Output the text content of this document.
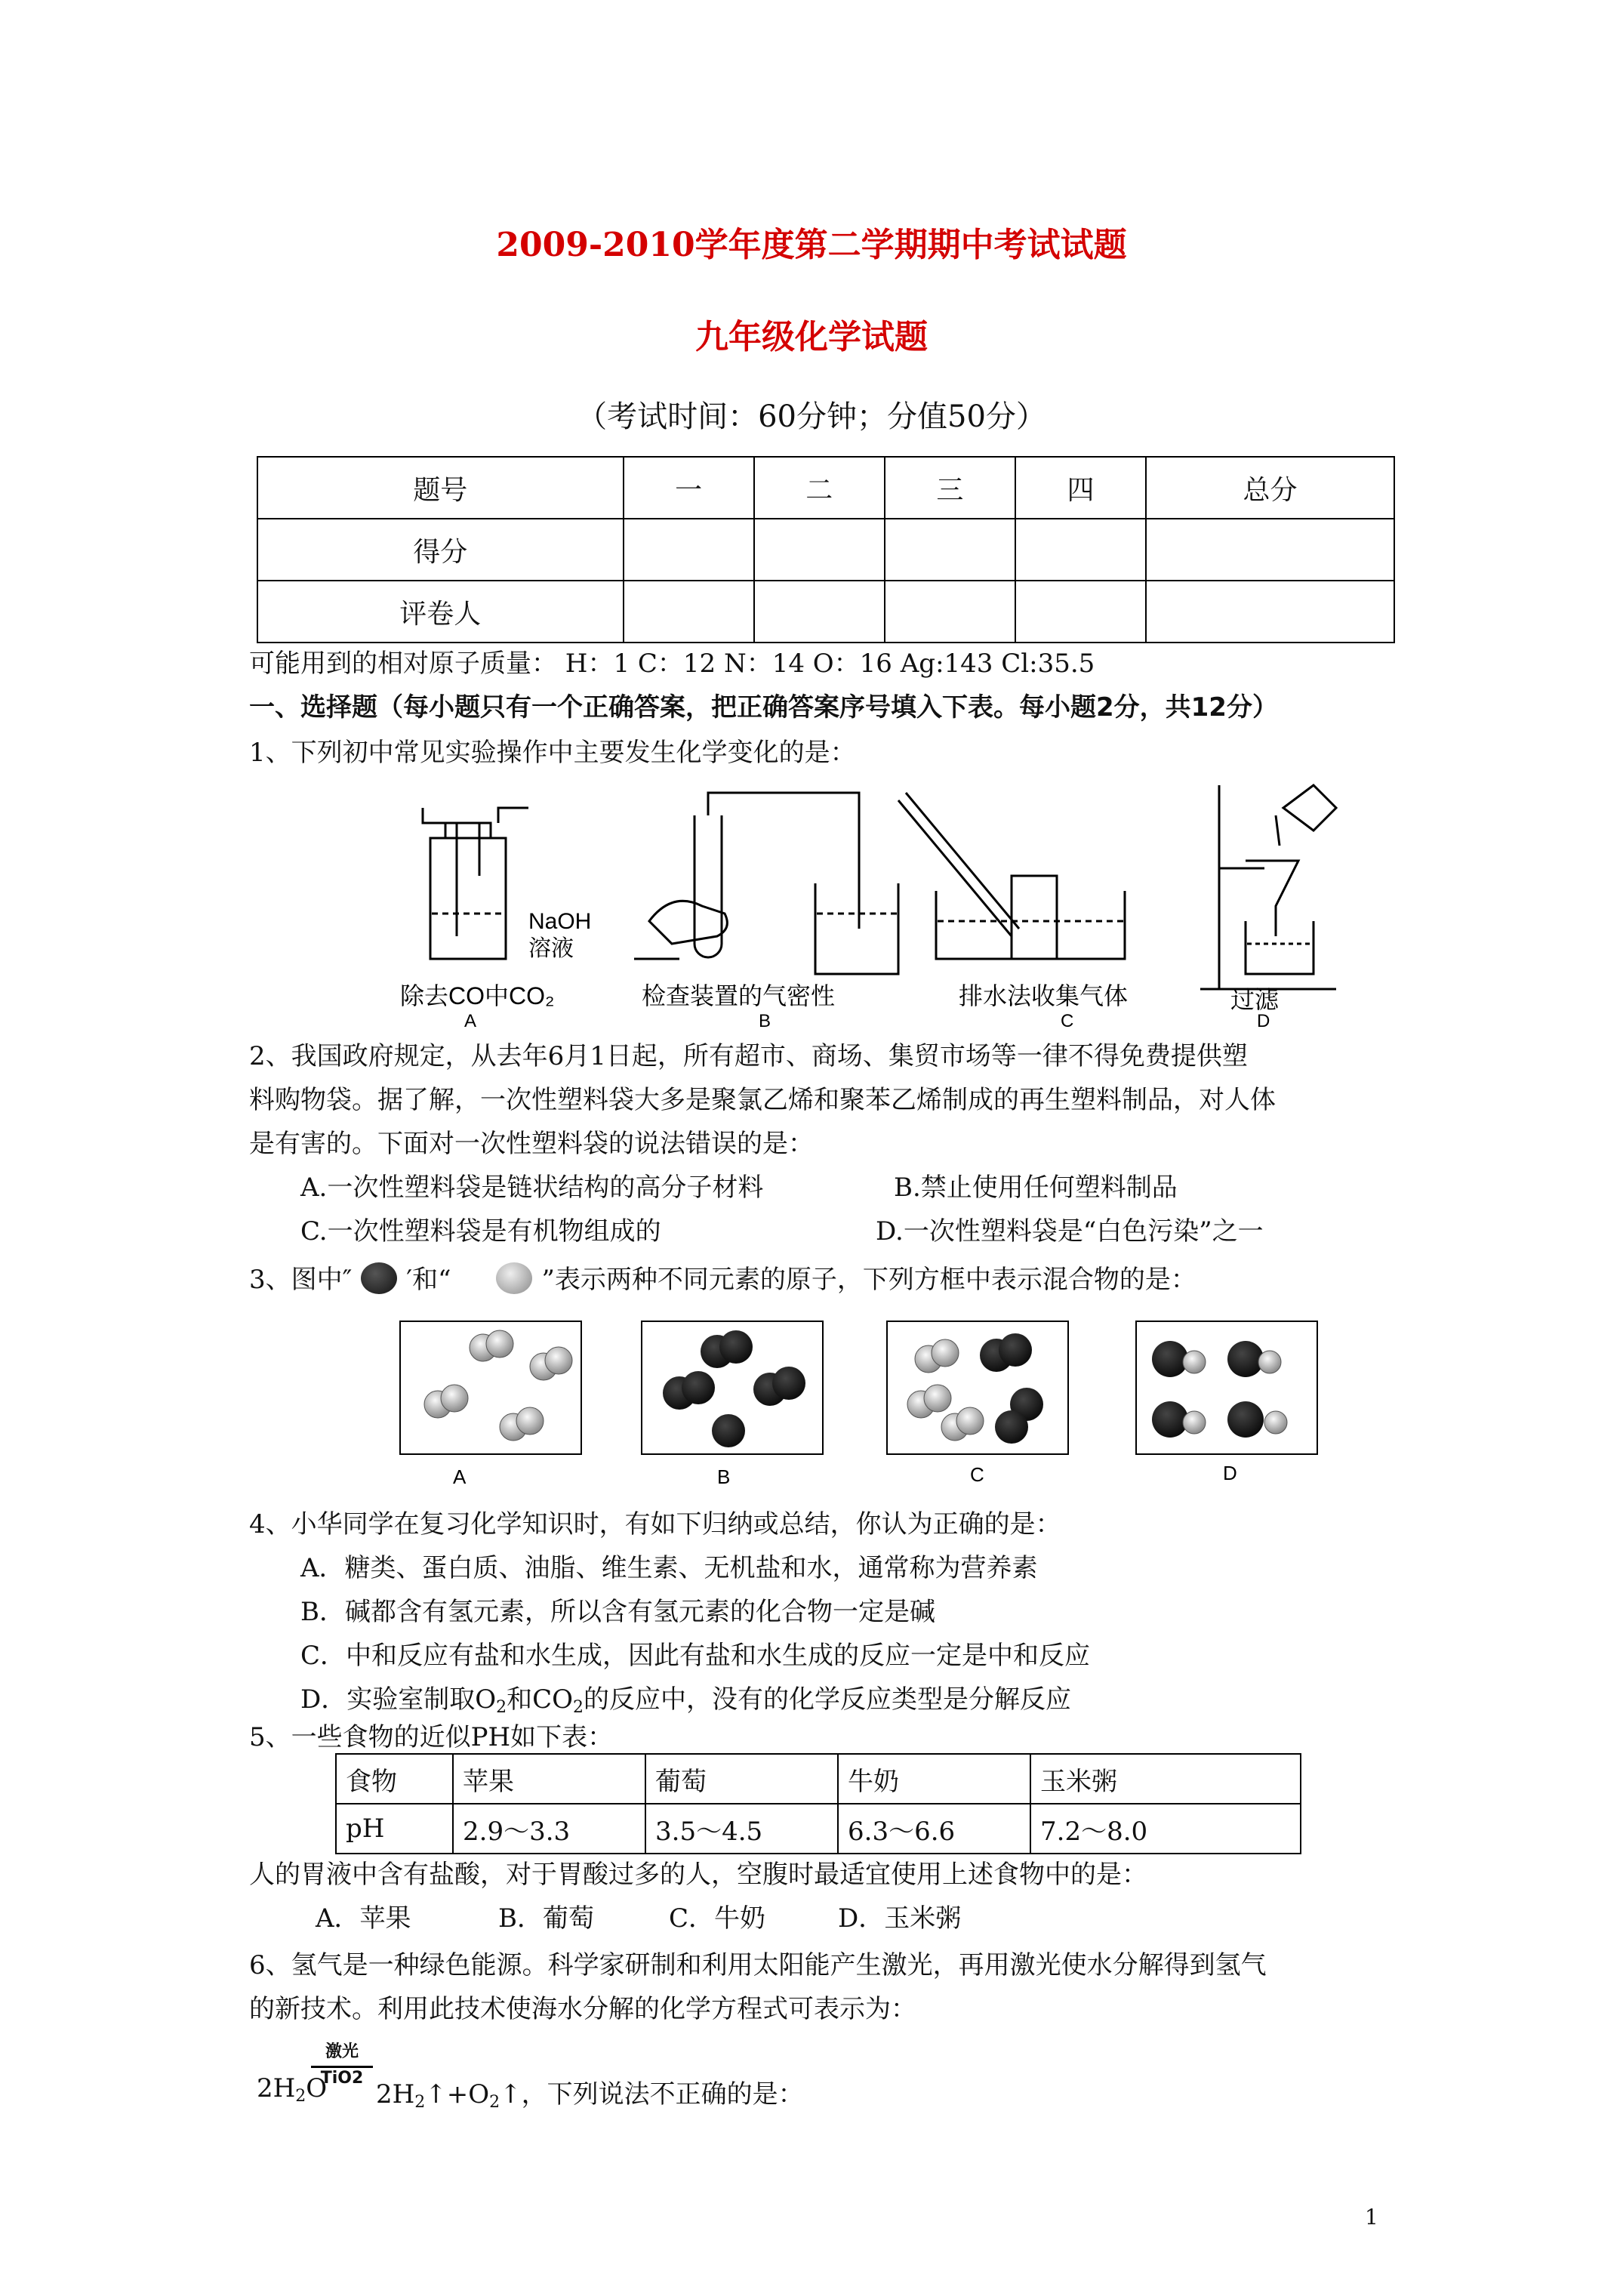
2009-2010学年度第二学期期中考试试题
九年级化学试题
（考试时间：60分钟；分值50分）
题号	一	二	三	四	总分
得分					
评卷人					
可能用到的相对原子质量： H：1 C：12 N：14 O：16 Ag:143 Cl:35.5
一、选择题（每小题只有一个正确答案，把正确答案序号填入下表。每小题2分，共12分）
1、下列初中常见实验操作中主要发生化学变化的是：
NaOH
溶液
除去CO中CO₂	检查装置的气密性	排水法收集气体	过滤
A	B	C	D
2、我国政府规定，从去年6月1日起，所有超市、商场、集贸市场等一律不得免费提供塑
料购物袋。据了解，一次性塑料袋大多是聚氯乙烯和聚苯乙烯制成的再生塑料制品，对人体
是有害的。下面对一次性塑料袋的说法错误的是：
A.一次性塑料袋是链状结构的高分子材料	B.禁止使用任何塑料制品
C.一次性塑料袋是有机物组成的	D.一次性塑料袋是“白色污染”之一
3、图中″ ′和“	”表示两种不同元素的原子，下列方框中表示混合物的是：
A	B	C	D
4、小华同学在复习化学知识时，有如下归纳或总结，你认为正确的是：
A．糖类、蛋白质、油脂、维生素、无机盐和水，通常称为营养素
B．碱都含有氢元素，所以含有氢元素的化合物一定是碱
C．中和反应有盐和水生成，因此有盐和水生成的反应一定是中和反应
D．实验室制取$O_2$和$CO_2$的反应中，没有的化学反应类型是分解反应
5、一些食物的近似PH如下表：
食物	苹果	葡萄	牛奶	玉米粥
pH	2.9～3.3	3.5～4.5	6.3～6.6	7.2～8.0
人的胃液中含有盐酸，对于胃酸过多的人，空腹时最适宜使用上述食物中的是：
A．苹果	B．葡萄	C．牛奶	D．玉米粥
6、氢气是一种绿色能源。科学家研制和利用太阳能产生激光，再用激光使水分解得到氢气
的新技术。利用此技术使海水分解的化学方程式可表示为：
$2H_2O$
激光
TiO2
$2H_2↑+O_2↑$，下列说法不正确的是：
1
